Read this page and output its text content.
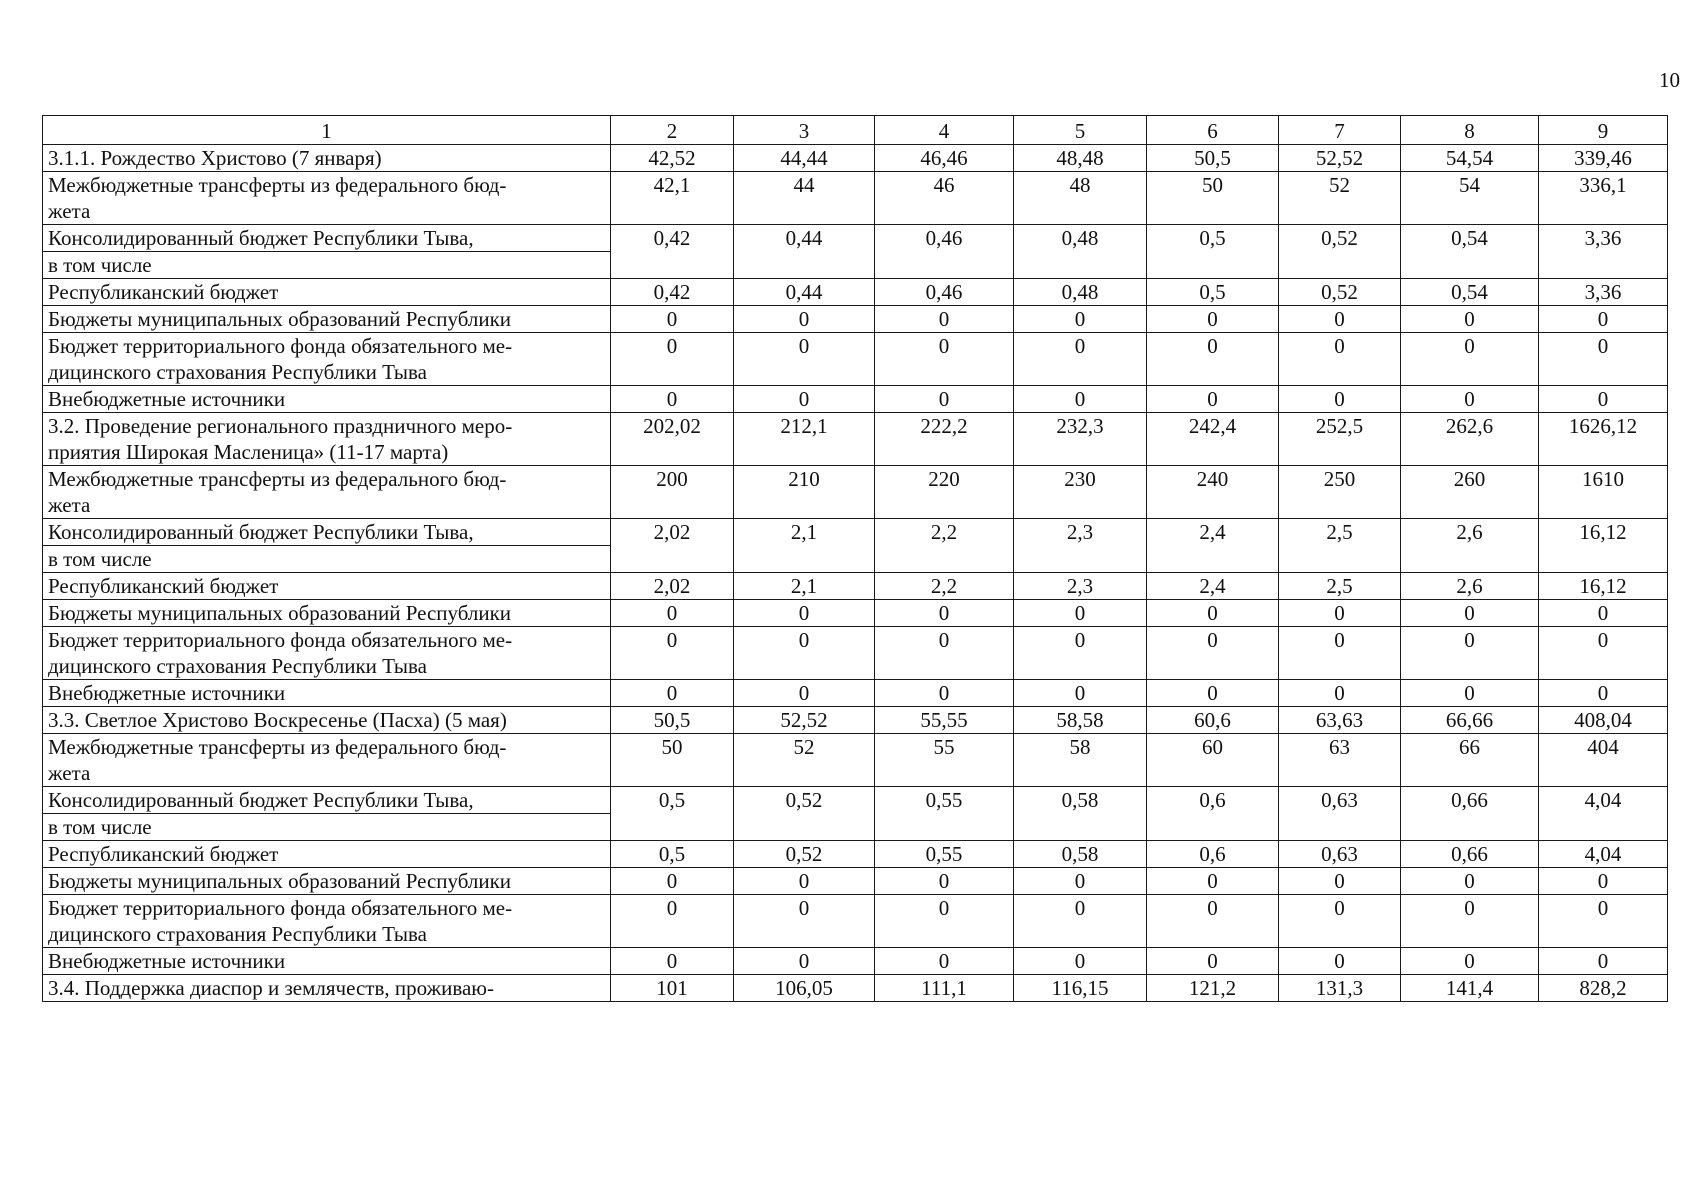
10
1	2	3	4	5	6	7	8	9
3.1.1. Рождество Христово (7 января)	42,52	44,44	46,46	48,48	50,5	52,52	54,54	339,46
Межбюджетные трансферты из федерального бюд-
жета	42,1	44	46	48	50	52	54	336,1

Консолидированный бюджет Республики Тыва,
в том числе	0,42	0,44	0,46	0,48	0,5	0,52	0,54	3,36
Республиканский бюджет	0,42	0,44	0,46	0,48	0,5	0,52	0,54	3,36
Бюджеты муниципальных образований Республики	0	0	0	0	0	0	0	0
Бюджет территориального фонда обязательного ме-
дицинского страхования Республики Тыва	0	0	0	0	0	0	0	0
Внебюджетные источники	0	0	0	0	0	0	0	0
3.2. Проведение регионального праздничного меро-
приятия Широкая Масленица» (11-17 марта)	202,02	212,1	222,2	232,3	242,4	252,5	262,6	1626,12
Межбюджетные трансферты из федерального бюд-
жета	200	210	220	230	240	250	260	1610

Консолидированный бюджет Республики Тыва,
в том числе	2,02	2,1	2,2	2,3	2,4	2,5	2,6	16,12
Республиканский бюджет	2,02	2,1	2,2	2,3	2,4	2,5	2,6	16,12
Бюджеты муниципальных образований Республики	0	0	0	0	0	0	0	0
Бюджет территориального фонда обязательного ме-
дицинского страхования Республики Тыва	0	0	0	0	0	0	0	0
Внебюджетные источники	0	0	0	0	0	0	0	0
3.3. Светлое Христово Воскресенье (Пасха) (5 мая)	50,5	52,52	55,55	58,58	60,6	63,63	66,66	408,04
Межбюджетные трансферты из федерального бюд-
жета	50	52	55	58	60	63	66	404

Консолидированный бюджет Республики Тыва,
в том числе	0,5	0,52	0,55	0,58	0,6	0,63	0,66	4,04
Республиканский бюджет	0,5	0,52	0,55	0,58	0,6	0,63	0,66	4,04
Бюджеты муниципальных образований Республики	0	0	0	0	0	0	0	0
Бюджет территориального фонда обязательного ме-
дицинского страхования Республики Тыва	0	0	0	0	0	0	0	0
Внебюджетные источники	0	0	0	0	0	0	0	0
3.4. Поддержка диаспор и землячеств, проживаю-	101	106,05	111,1	116,15	121,2	131,3	141,4	828,2
